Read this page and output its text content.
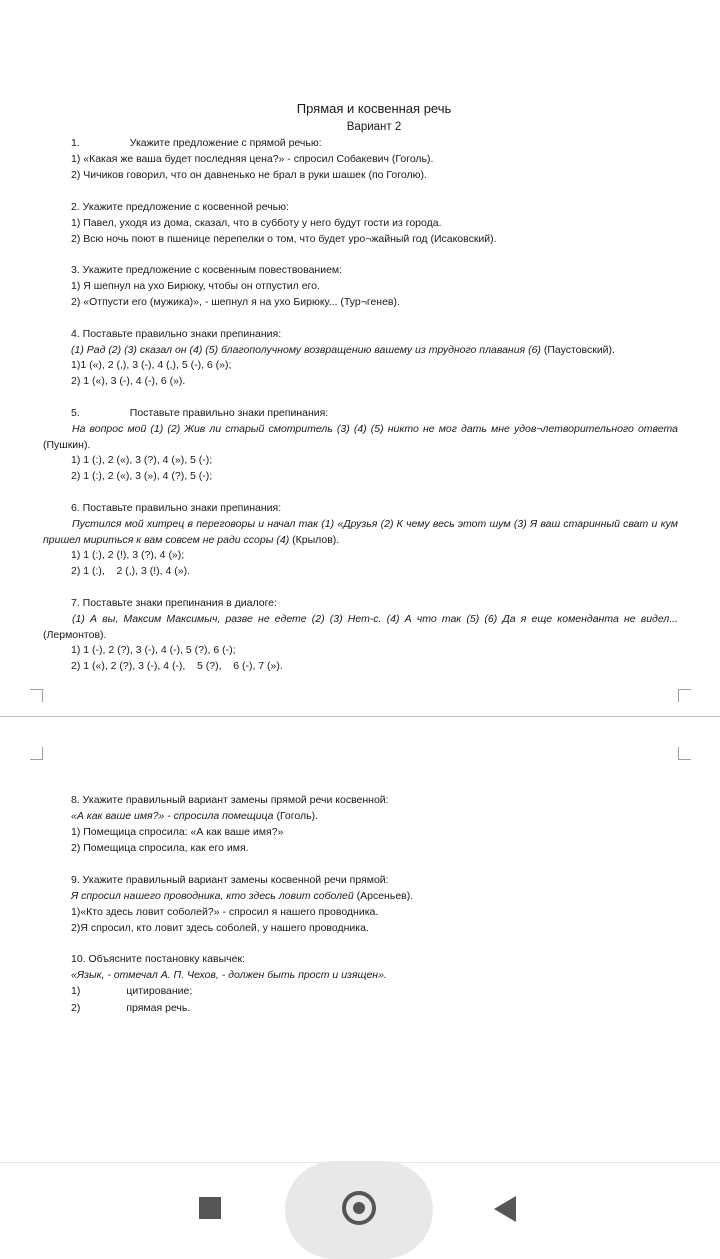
Прямая и косвенная речь
Вариант 2
1.	Укажите предложение с прямой речью:
1) «Какая же ваша будет последняя цена?» - спросил Собакевич (Гоголь).
2) Чичиков говорил, что он давненько не брал в руки шашек (по Гоголю).
2. Укажите предложение с косвенной речью:
1) Павел, уходя из дома, сказал, что в субботу у него будут гости из города.
2) Всю ночь поют в пшенице перепелки о том, что будет уро¬жайный год (Исаковский).
3. Укажите предложение с косвенным повествованием:
1) Я шепнул на ухо Бирюку, чтобы он отпустил его.
2) «Отпусти его (мужика)», - шепнул я на ухо Бирюку... (Тур¬генев).
4. Поставьте правильно знаки препинания:
(1) Рад (2) (3) сказал он (4) (5) благополучному возвращению вашему из трудного плавания (6) (Паустовский).
1)1 («), 2 (,), 3 (-), 4 (,), 5 (-), 6 (»);
2) 1 («), 3 (-), 4 (-), 6 (»).
5.	Поставьте правильно знаки препинания:
На вопрос мой (1) (2) Жив ли старый смотритель (3) (4) (5) никто не мог дать мне удов¬летворительного ответа (Пушкин).
1) 1 (:), 2 («), 3 (?), 4 (»), 5 (-);
2) 1 (:), 2 («), 3 (»), 4 (?), 5 (-);
6. Поставьте правильно знаки препинания:
Пустился мой хитрец в переговоры и начал так (1) «Друзья (2) К чему весь этот шум (3) Я ваш старинный сват и кум пришел мириться к вам совсем не ради ссоры (4) (Крылов).
1) 1 (:), 2 (!), 3 (?), 4 (»);
2) 1 (:),    2 (,), 3 (!), 4 (»).
7. Поставьте знаки препинания в диалоге:
(1) А вы, Максим Максимыч, разве не едете (2) (3) Нет-с. (4) А что так (5) (6) Да я еще коменданта не видел... (Лермонтов).
1) 1 (-), 2 (?), 3 (-), 4 (-), 5 (?), 6 (-);
2) 1 («), 2 (?), 3 (-), 4 (-),    5 (?),    6 (-), 7 (»).
8. Укажите правильный вариант замены прямой речи косвенной:
«А как ваше имя?» - спросила помещица (Гоголь).
1) Помещица спросила: «А как ваше имя?»
2) Помещица спросила, как его имя.
9. Укажите правильный вариант замены косвенной речи прямой:
Я спросил нашего проводника, кто здесь ловит соболей (Арсеньев).
1)«Кто здесь ловит соболей?» - спросил я нашего проводника.
2)Я спросил, кто ловит здесь соболей, у нашего проводника.
10. Объясните постановку кавычек:
«Язык, - отмечал А. П. Чехов, - должен быть прост и изящен».
1)	цитирование;
2)	прямая речь.
